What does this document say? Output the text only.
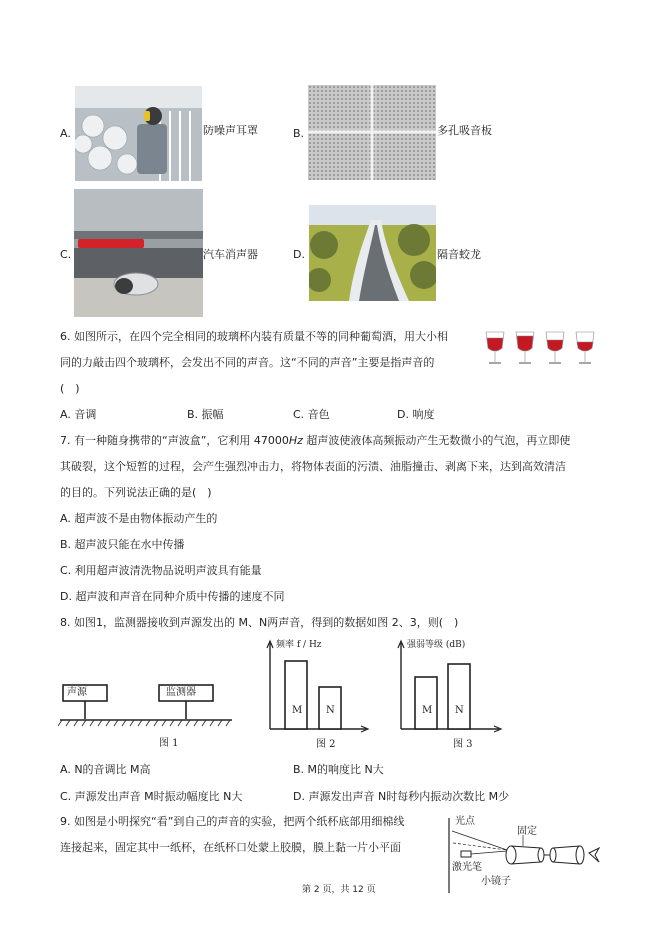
A.	防噪声耳罩	B.	多孔吸音板
C.	汽车消声器	D.	隔音蛟龙
6. 如图所示，在四个完全相同的玻璃杯内装有质量不等的同种葡萄酒，用大小相
同的力敲击四个玻璃杯，会发出不同的声音。这“不同的声音”主要是指声音的
(　)
A. 音调	B. 振幅	C. 音色	D. 响度
7. 有一种随身携带的“声波盒”，它利用 47000Hz 超声波使液体高频振动产生无数微小的气泡，再立即使
其破裂，这个短暂的过程，会产生强烈冲击力，将物体表面的污渍、油脂撞击、剥离下来，达到高效清洁
的目的。下列说法正确的是(　)
A. 超声波不是由物体振动产生的
B. 超声波只能在水中传播
C. 利用超声波清洗物品说明声波具有能量
D. 超声波和声音在同种介质中传播的速度不同
8. 如图1，监测器接收到声源发出的 M、N两声音，得到的数据如图 2、3，则(　)
声源	监测器
图 1
频率 f / Hz
M N
图 2
强弱等级 (dB)
M N
图 3
A. N的音调比 M高	B. M的响度比 N大
C. 声源发出声音 M时振动幅度比 N大	D. 声源发出声音 N时每秒内振动次数比 M少
9. 如图是小明探究“看”到自己的声音的实验，把两个纸杯底部用细棉线
连接起来，固定其中一纸杯，在纸杯口处蒙上胶膜，膜上黏一片小平面
光点
固定
激光笔
小镜子
第 2 页，共 12 页
